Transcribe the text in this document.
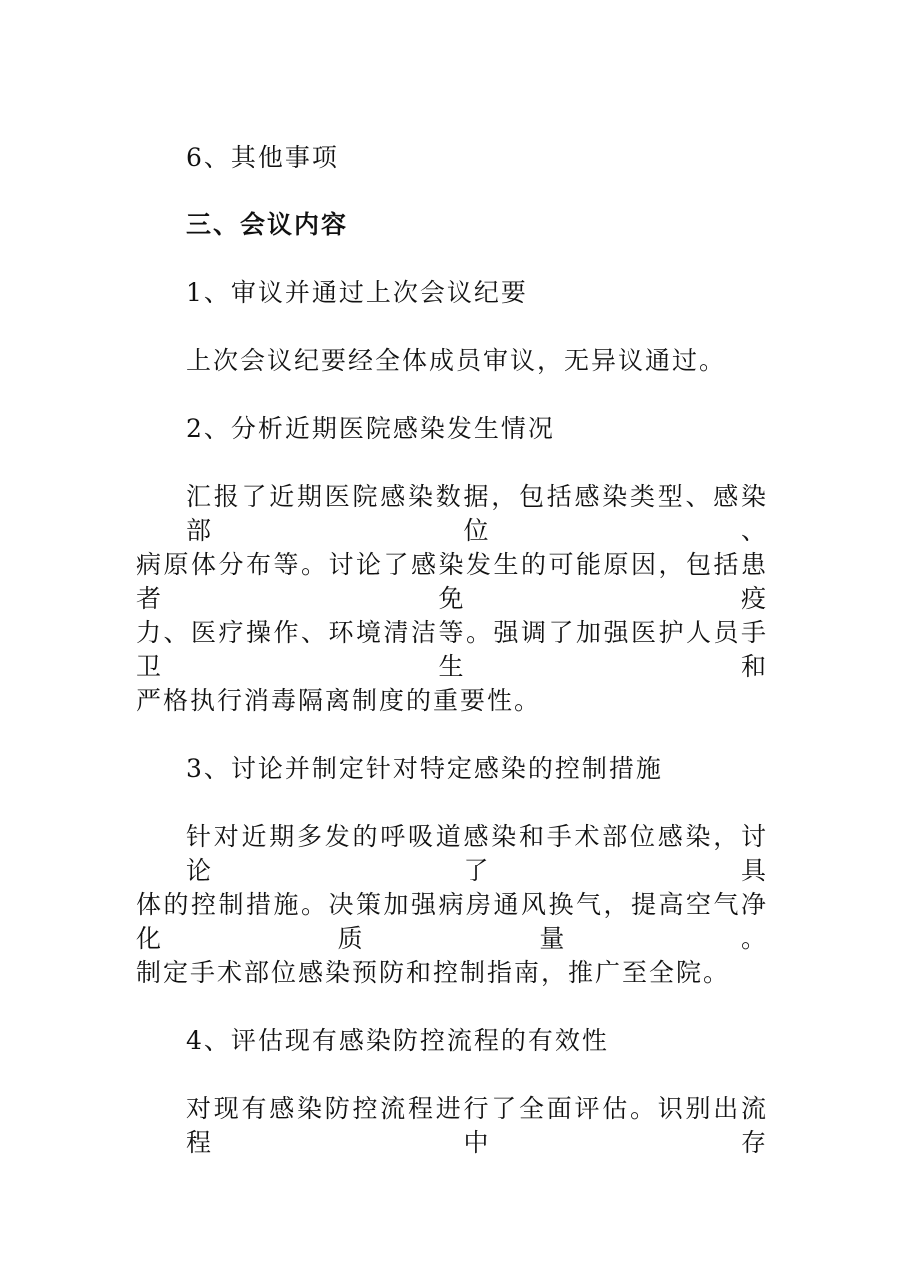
6、其他事项
三、会议内容
1、审议并通过上次会议纪要
上次会议纪要经全体成员审议，无异议通过。
2、分析近期医院感染发生情况
汇报了近期医院感染数据，包括感染类型、感染部位、
病原体分布等。讨论了感染发生的可能原因，包括患者免疫
力、医疗操作、环境清洁等。强调了加强医护人员手卫生和
严格执行消毒隔离制度的重要性。
3、讨论并制定针对特定感染的控制措施
针对近期多发的呼吸道感染和手术部位感染，讨论了具
体的控制措施。决策加强病房通风换气，提高空气净化质量。
制定手术部位感染预防和控制指南，推广至全院。
4、评估现有感染防控流程的有效性
对现有感染防控流程进行了全面评估。识别出流程中存
